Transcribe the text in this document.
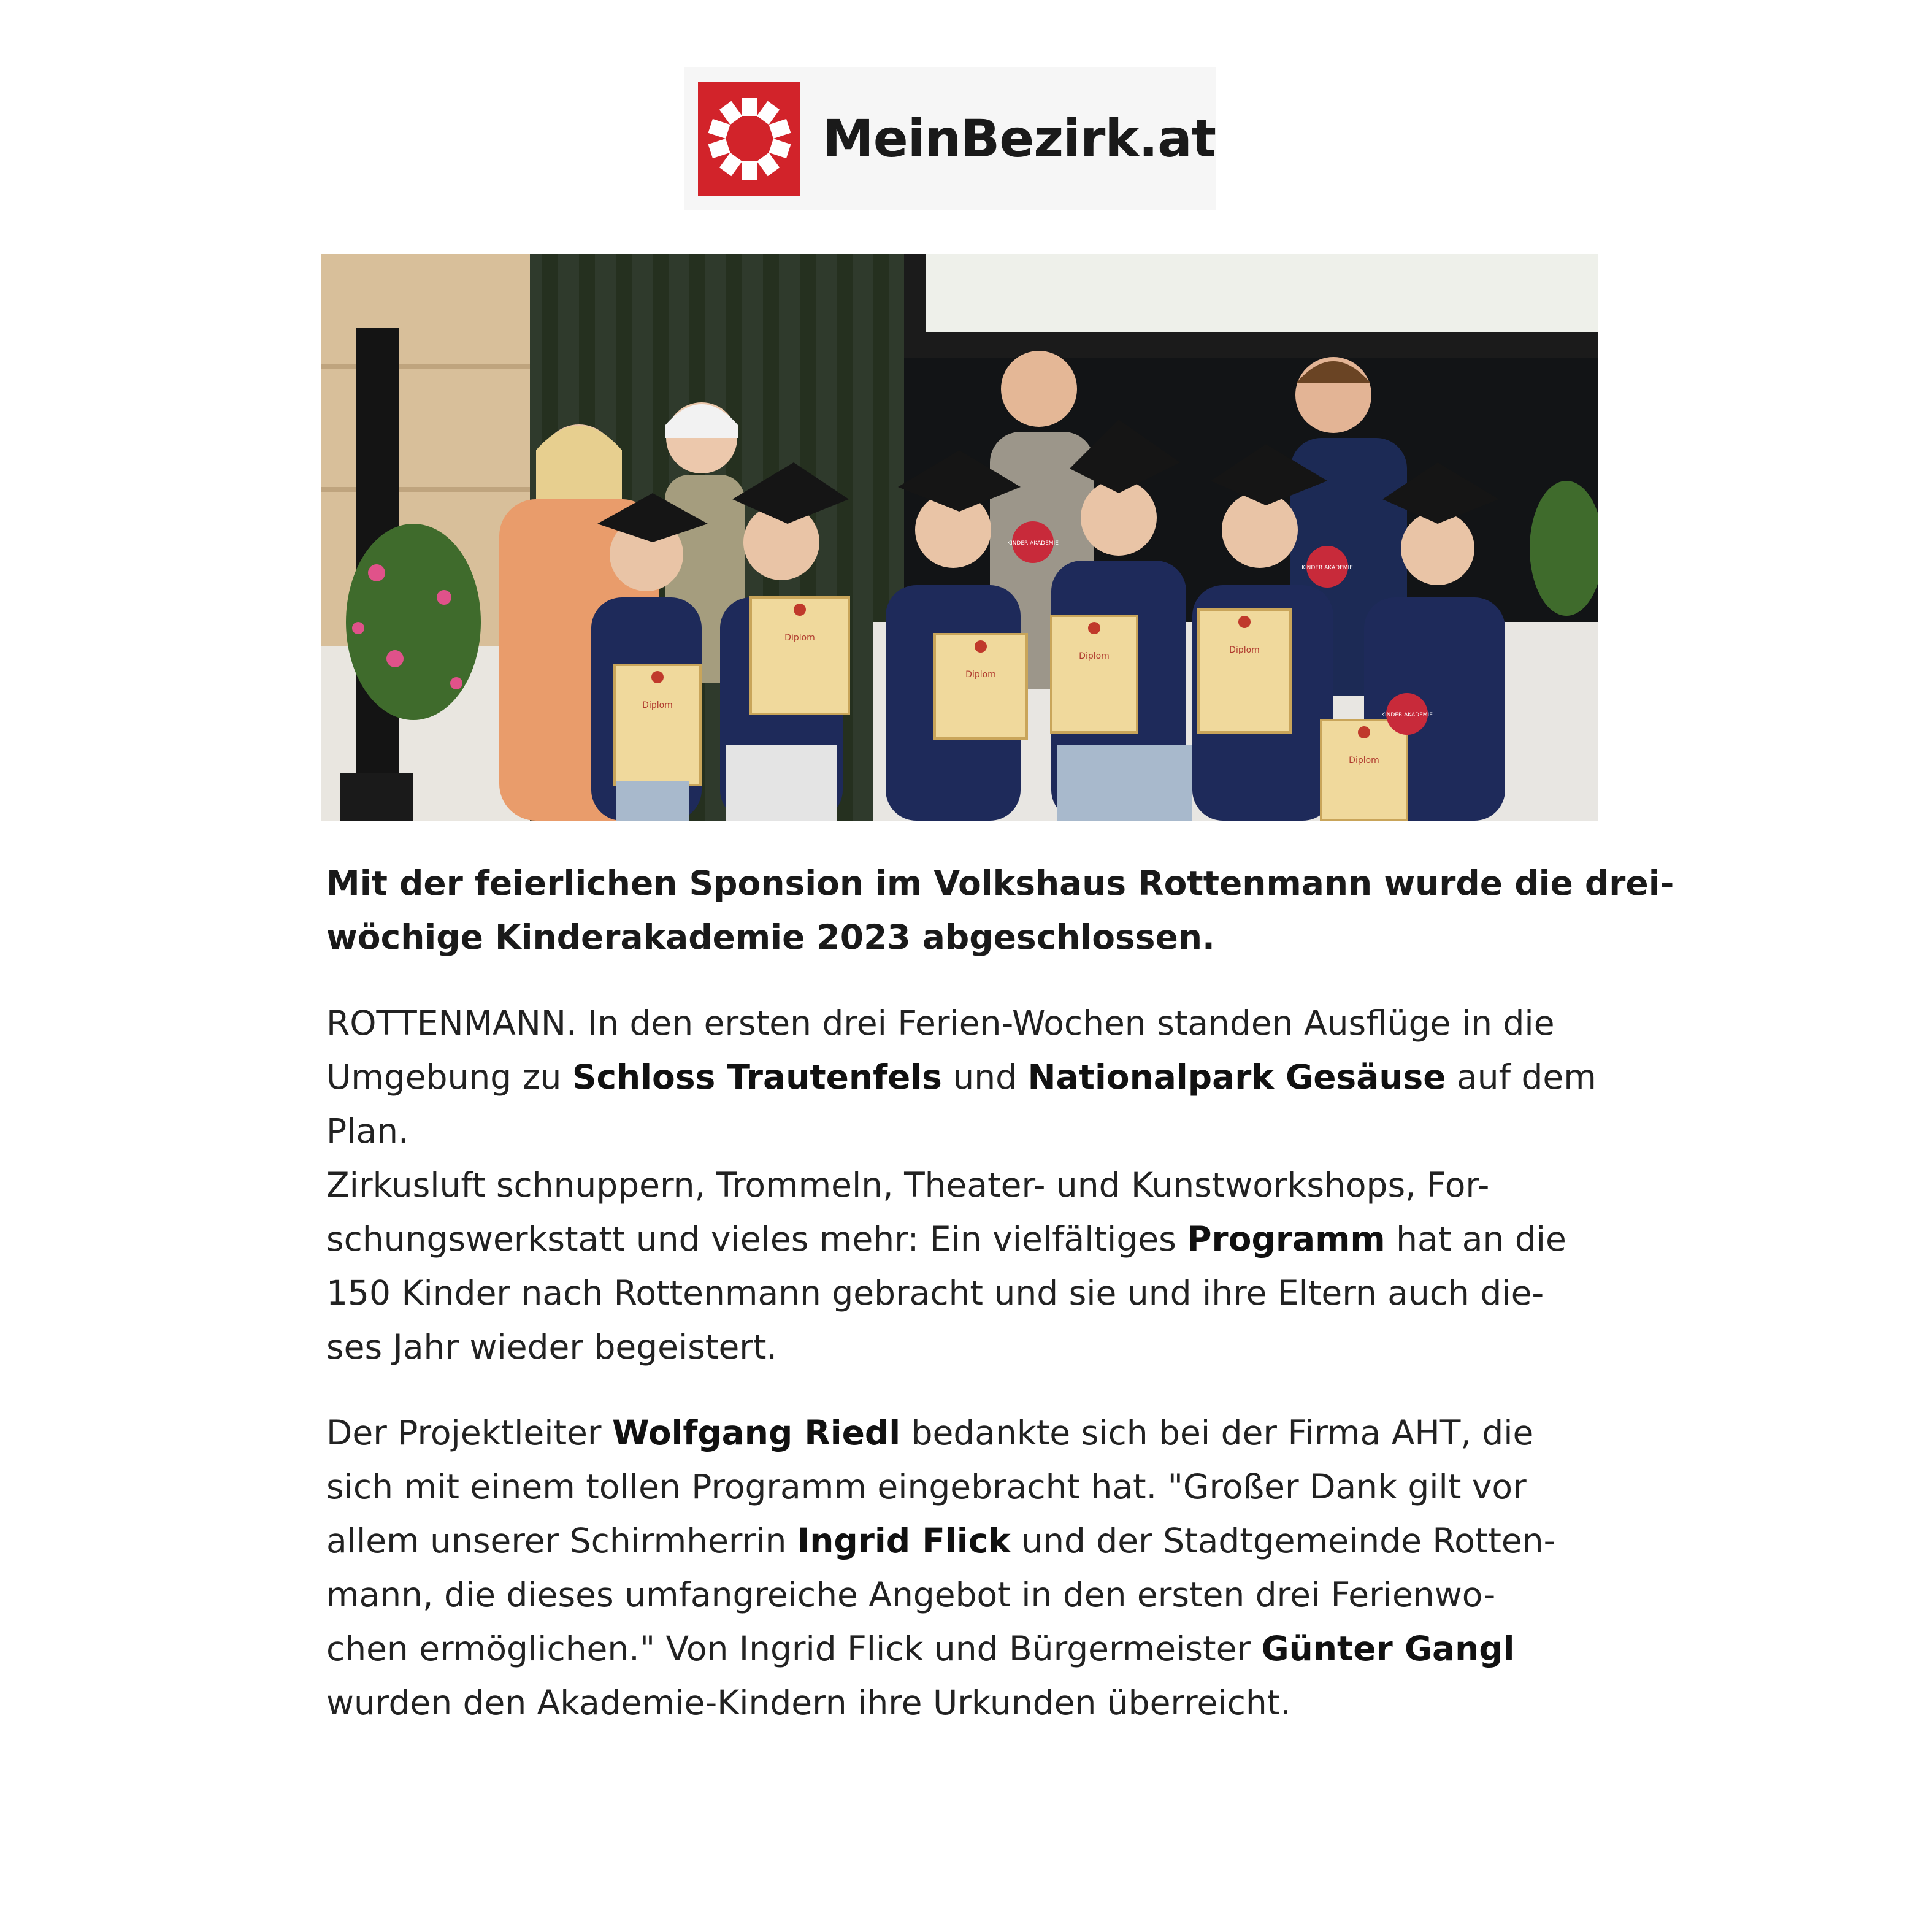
MeinBezirk.at
Diplom
Diplom
Diplom
Diplom
Diplom
Diplom
KINDER AKADEMIE
KINDER AKADEMIE
KINDER AKADEMIE

Mit der feierlichen Sponsion im Volkshaus Rottenmann wurde die drei-
wöchige Kinderakademie 2023 abgeschlossen.

ROTTENMANN. In den ersten drei Ferien-Wochen standen Ausflüge in die
Umgebung zu Schloss Trautenfels und Nationalpark Gesäuse auf dem
Plan.
Zirkusluft schnuppern, Trommeln, Theater- und Kunstworkshops, For-
schungswerkstatt und vieles mehr: Ein vielfältiges Programm hat an die
150 Kinder nach Rottenmann gebracht und sie und ihre Eltern auch die-
ses Jahr wieder begeistert.

Der Projektleiter Wolfgang Riedl bedankte sich bei der Firma AHT, die
sich mit einem tollen Programm eingebracht hat. "Großer Dank gilt vor
allem unserer Schirmherrin Ingrid Flick und der Stadtgemeinde Rotten-
mann, die dieses umfangreiche Angebot in den ersten drei Ferienwo-
chen ermöglichen." Von Ingrid Flick und Bürgermeister Günter Gangl
wurden den Akademie-Kindern ihre Urkunden überreicht.
